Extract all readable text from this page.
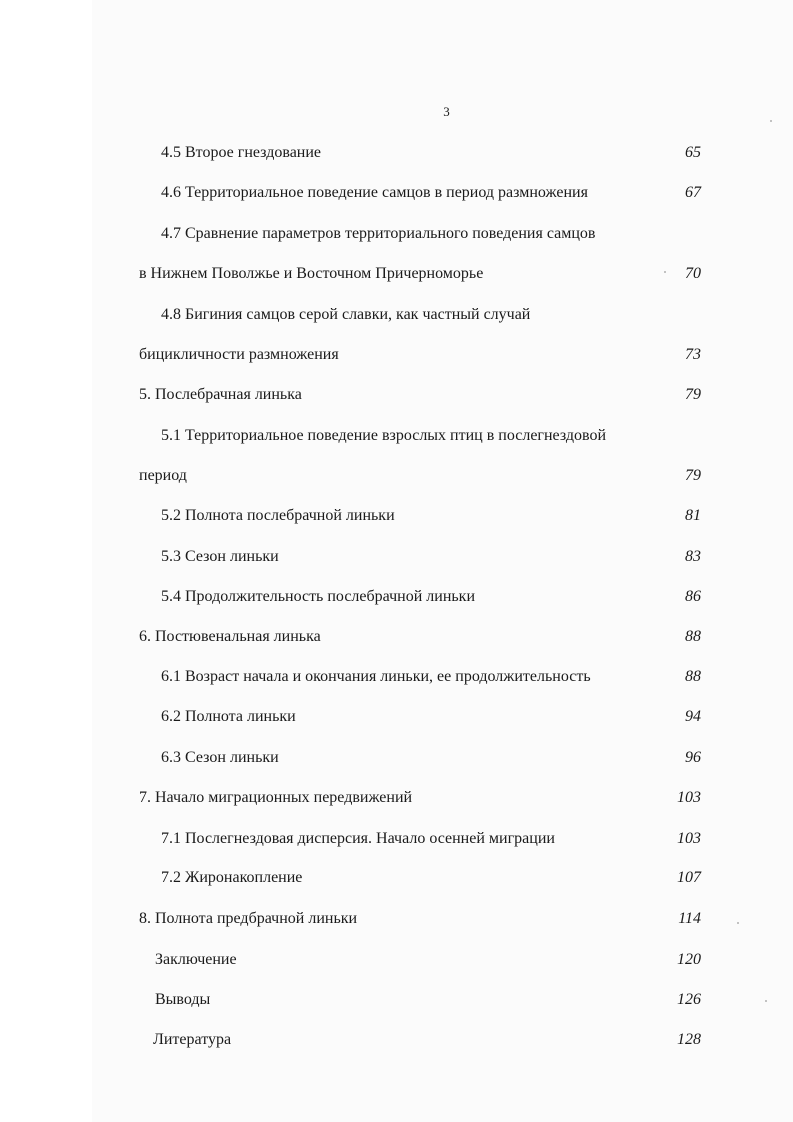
3
4.5 Второе гнездование	65
4.6 Территориальное поведение самцов в период размножения	67
4.7 Сравнение параметров территориального поведения самцов
в Нижнем Поволжье и Восточном Причерноморье	70
4.8 Бигиния самцов серой славки, как частный случай
бицикличности размножения	73
5. Послебрачная линька	79
5.1 Территориальное поведение взрослых птиц в послегнездовой
период	79
5.2 Полнота послебрачной линьки	81
5.3 Сезон линьки	83
5.4 Продолжительность послебрачной линьки	86
6. Постювенальная линька	88
6.1 Возраст начала и окончания линьки, ее продолжительность	88
6.2 Полнота линьки	94
6.3 Сезон линьки	96
7. Начало миграционных передвижений	103
7.1 Послегнездовая дисперсия. Начало осенней миграции	103
7.2 Жиронакопление	107
8. Полнота предбрачной линьки	114
Заключение	120
Выводы	126
Литература	128
